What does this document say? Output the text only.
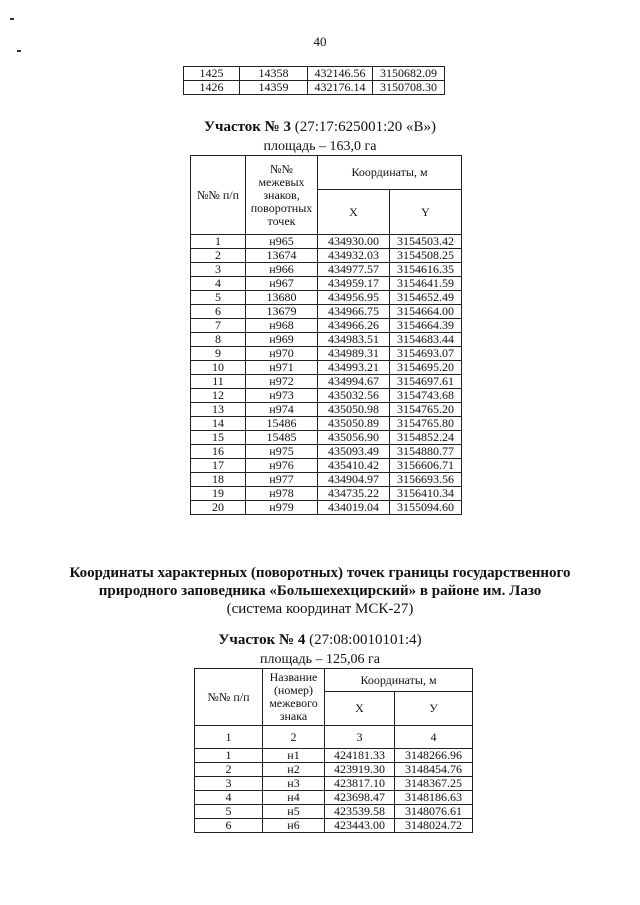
40
1425	14358	432146.56	3150682.09
1426	14359	432176.14	3150708.30
Участок № 3 (27:17:625001:20 «В»)
площадь – 163,0 га
№№ п/п	№№ межевых знаков, поворотных точек	Координаты, м	
		X	Y
1	н965	434930.00	3154503.42
2	13674	434932.03	3154508.25
3	н966	434977.57	3154616.35
4	н967	434959.17	3154641.59
5	13680	434956.95	3154652.49
6	13679	434966.75	3154664.00
7	н968	434966.26	3154664.39
8	н969	434983.51	3154683.44
9	н970	434989.31	3154693.07
10	н971	434993.21	3154695.20
11	н972	434994.67	3154697.61
12	н973	435032.56	3154743.68
13	н974	435050.98	3154765.20
14	15486	435050.89	3154765.80
15	15485	435056.90	3154852.24
16	н975	435093.49	3154880.77
17	н976	435410.42	3156606.71
18	н977	434904.97	3156693.56
19	н978	434735.22	3156410.34
20	н979	434019.04	3155094.60
Координаты характерных (поворотных) точек границы государственного
природного заповедника «Большехехцирский» в районе им. Лазо
(система координат МСК-27)
Участок № 4 (27:08:0010101:4)
площадь – 125,06 га
№№ п/п	Название (номер) межевого знака	Координаты, м	
		X	У
1	2	3	4
1	н1	424181.33	3148266.96
2	н2	423919.30	3148454.76
3	н3	423817.10	3148367.25
4	н4	423698.47	3148186.63
5	н5	423539.58	3148076.61
6	н6	423443.00	3148024.72
